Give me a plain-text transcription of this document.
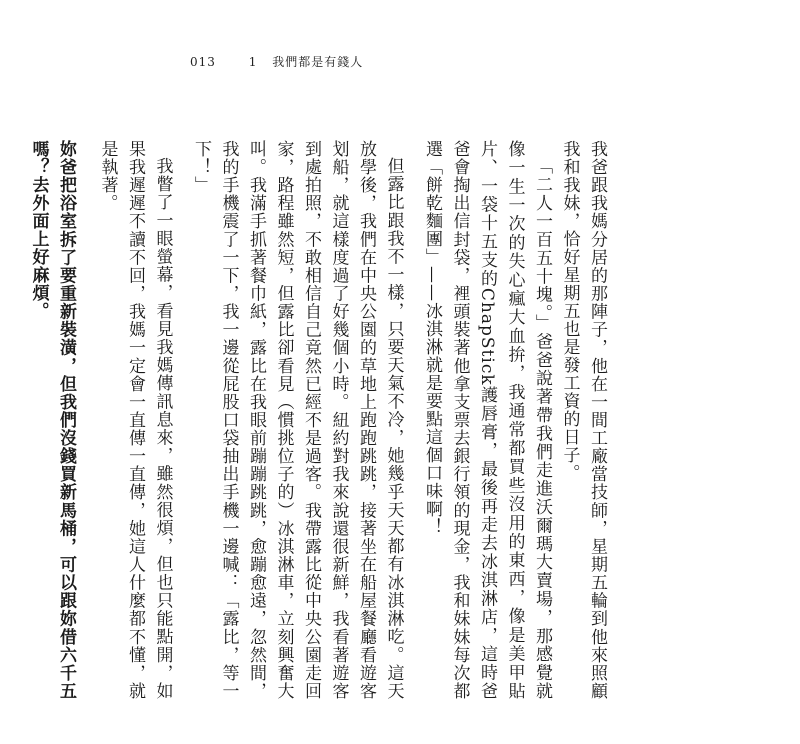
013	1 我們都是有錢人

我爸跟我媽分居的那陣子，他在一間工廠當技師，星期五輪到他來照顧我和我妹，恰好星期五也是發工資的日子。

「二人一百五十塊。」爸爸說著帶我們走進沃爾瑪大賣場，那感覺就像一生一次的失心瘋大血拚，我通常都買些沒用的東西，像是美甲貼片、一袋十五支的ChapStick護唇膏，最後再走去冰淇淋店，這時爸爸會掏出信封袋，裡頭裝著他拿支票去銀行領的現金，我和妹妹每次都選「餅乾麵團」——冰淇淋就是要點這個口味啊！

但露比跟我不一樣，只要天氣不冷，她幾乎天天都有冰淇淋吃。這天放學後，我們在中央公園的草地上跑跑跳跳，接著坐在船屋餐廳看遊客划船，就這樣度過了好幾個小時。紐約對我來說還很新鮮，我看著遊客到處拍照，不敢相信自己竟然已經不是過客。我帶露比從中央公園走回家，路程雖然短，但露比卻看見（慣挑位子的）冰淇淋車，立刻興奮大叫。我滿手抓著餐巾紙，露比在我眼前蹦蹦跳跳，愈蹦愈遠，忽然間，我的手機震了一下，我一邊從屁股口袋抽出手機一邊喊：「露比，等一下！」

我瞥了一眼螢幕，看見我媽傳訊息來，雖然很煩，但也只能點開，如果我遲遲不讀不回，我媽一定會一直傳一直傳，她這人什麼都不懂，就是執著。

妳爸把浴室拆了要重新裝潢，但我們沒錢買新馬桶，可以跟妳借六千五嗎？去外面上好麻煩。
